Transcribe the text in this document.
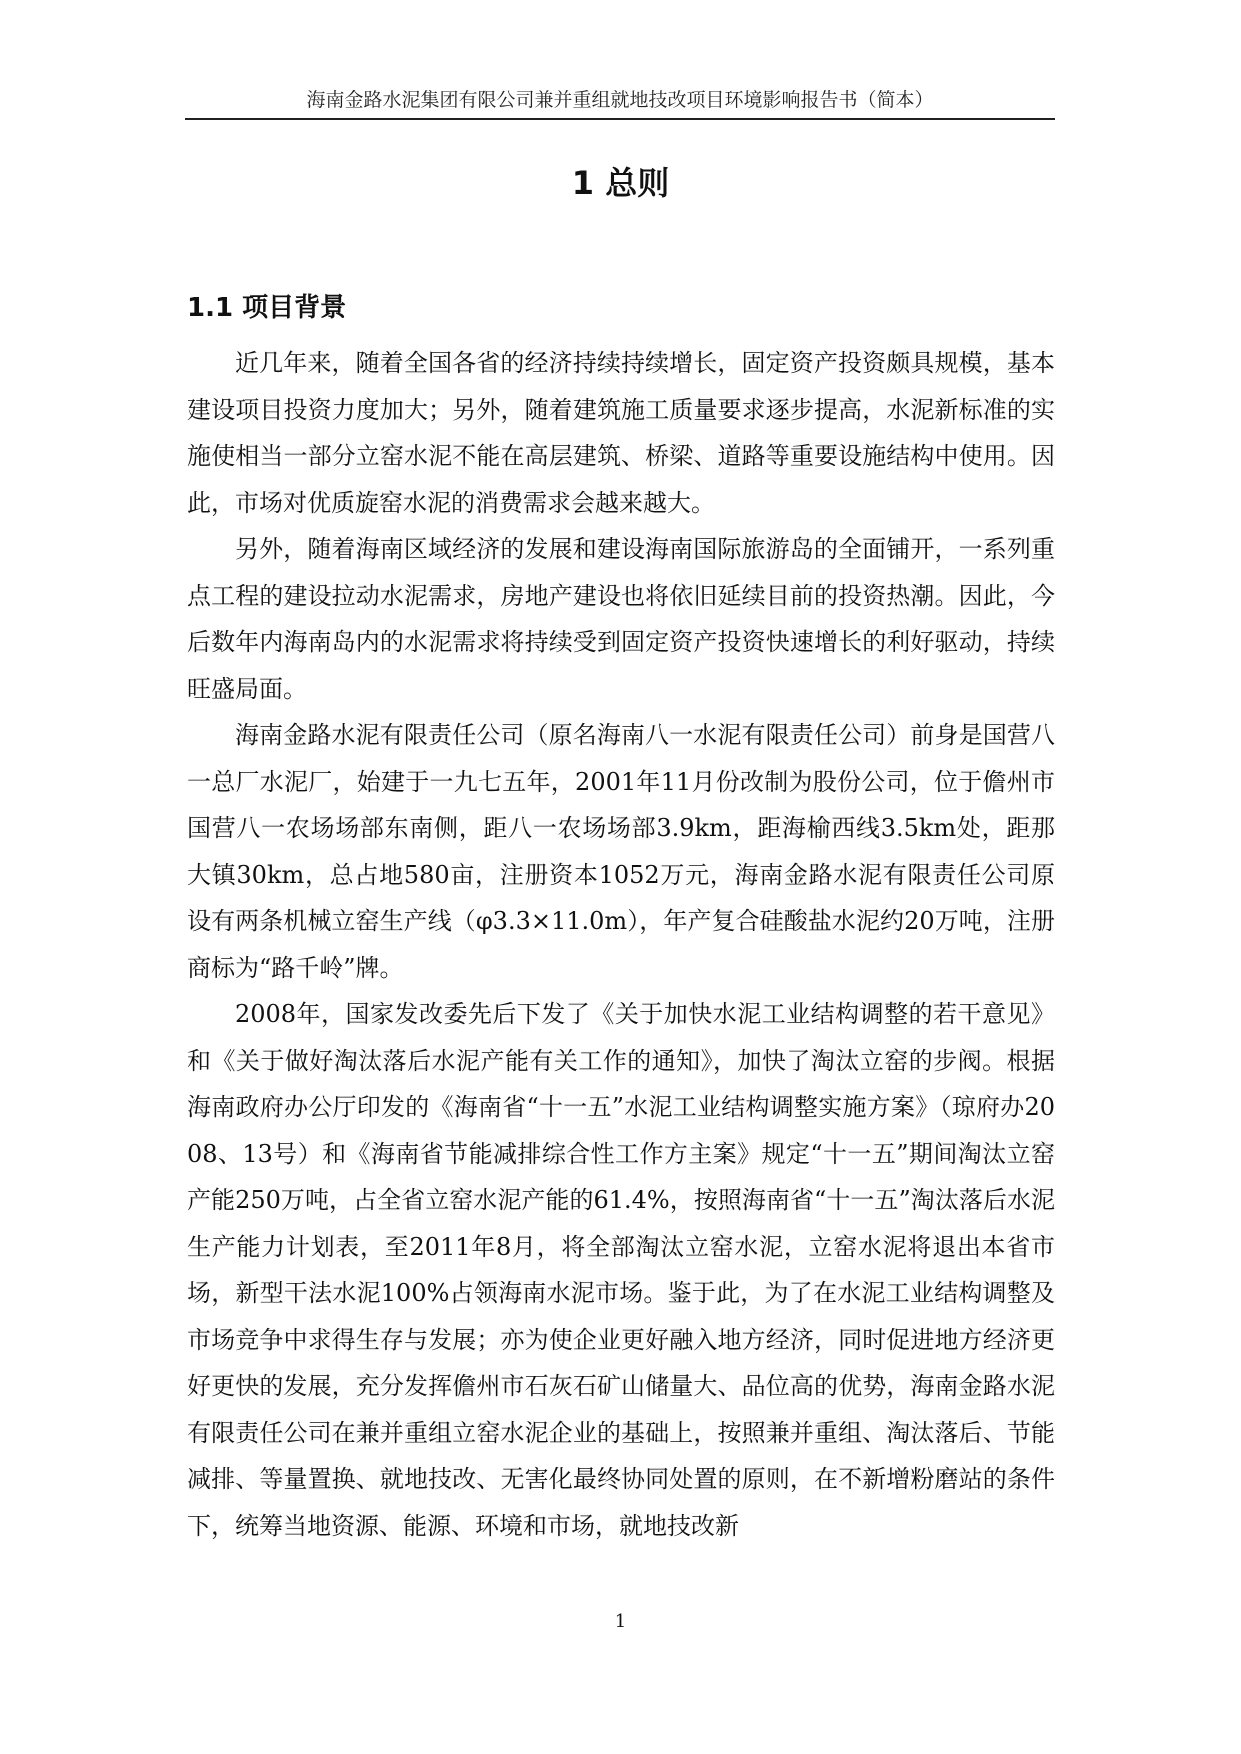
海南金路水泥集团有限公司兼并重组就地技改项目环境影响报告书（简本）
1 总则
1.1 项目背景

近几年来，随着全国各省的经济持续持续增长，固定资产投资颇具规模，基本建设项目投资力度加大；另外，随着建筑施工质量要求逐步提高，水泥新标准的实施使相当一部分立窑水泥不能在高层建筑、桥梁、道路等重要设施结构中使用。因此，市场对优质旋窑水泥的消费需求会越来越大。

另外，随着海南区域经济的发展和建设海南国际旅游岛的全面铺开，一系列重点工程的建设拉动水泥需求，房地产建设也将依旧延续目前的投资热潮。因此，今后数年内海南岛内的水泥需求将持续受到固定资产投资快速增长的利好驱动，持续旺盛局面。

海南金路水泥有限责任公司（原名海南八一水泥有限责任公司）前身是国营八一总厂水泥厂，始建于一九七五年，2001年11月份改制为股份公司，位于儋州市国营八一农场场部东南侧，距八一农场场部3.9km，距海榆西线3.5km处，距那大镇30km，总占地580亩，注册资本1052万元，海南金路水泥有限责任公司原设有两条机械立窑生产线（φ3.3×11.0m），年产复合硅酸盐水泥约20万吨，注册商标为“路千岭”牌。

2008年，国家发改委先后下发了《关于加快水泥工业结构调整的若干意见》和《关于做好淘汰落后水泥产能有关工作的通知》，加快了淘汰立窑的步阀。根据海南政府办公厅印发的《海南省“十一五”水泥工业结构调整实施方案》（琼府办2008、13号）和《海南省节能减排综合性工作方主案》规定“十一五”期间淘汰立窑产能250万吨，占全省立窑水泥产能的61.4%，按照海南省“十一五”淘汰落后水泥生产能力计划表，至2011年8月，将全部淘汰立窑水泥，立窑水泥将退出本省市场，新型干法水泥100%占领海南水泥市场。鉴于此，为了在水泥工业结构调整及市场竞争中求得生存与发展；亦为使企业更好融入地方经济，同时促进地方经济更好更快的发展，充分发挥儋州市石灰石矿山储量大、品位高的优势，海南金路水泥有限责任公司在兼并重组立窑水泥企业的基础上，按照兼并重组、淘汰落后、节能减排、等量置换、就地技改、无害化最终协同处置的原则，在不新增粉磨站的条件下，统筹当地资源、能源、环境和市场，就地技改新

1
